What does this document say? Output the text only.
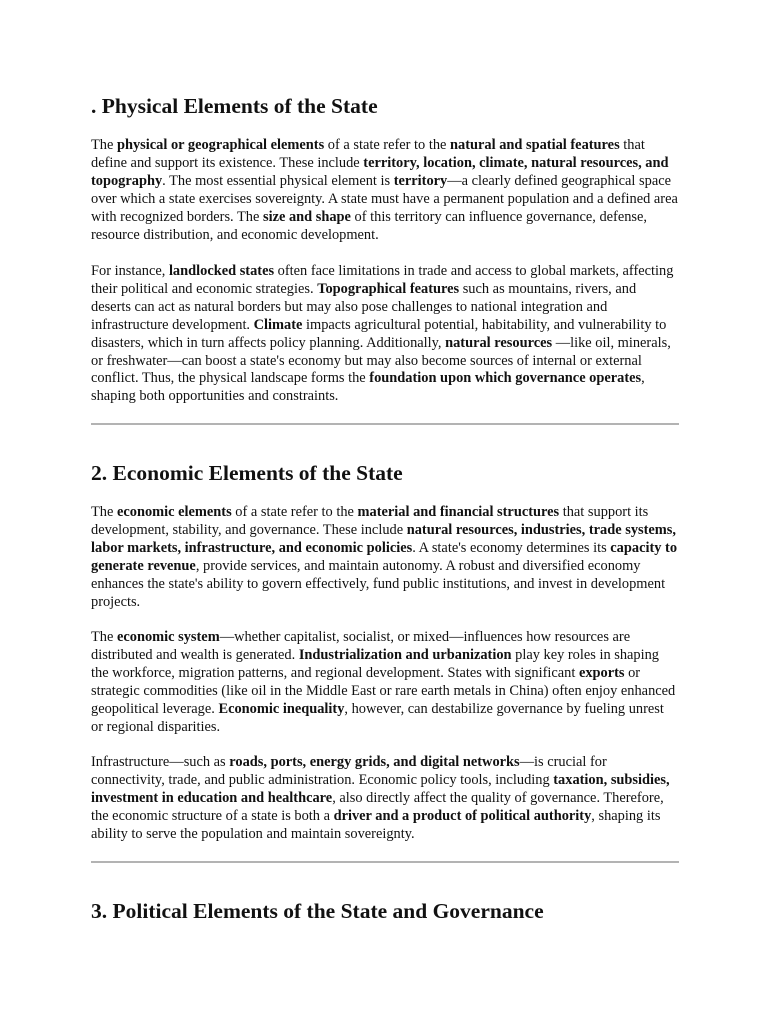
. Physical Elements of the State

The physical or geographical elements of a state refer to the natural and spatial features that define and support its existence. These include territory, location, climate, natural resources, and topography. The most essential physical element is territory—a clearly defined geographical space over which a state exercises sovereignty. A state must have a permanent population and a defined area with recognized borders. The size and shape of this territory can influence governance, defense, resource distribution, and economic development.

For instance, landlocked states often face limitations in trade and access to global markets, affecting their political and economic strategies. Topographical features such as mountains, rivers, and deserts can act as natural borders but may also pose challenges to national integration and infrastructure development. Climate impacts agricultural potential, habitability, and vulnerability to disasters, which in turn affects policy planning. Additionally, natural resources —like oil, minerals, or freshwater—can boost a state's economy but may also become sources of internal or external conflict. Thus, the physical landscape forms the foundation upon which governance operates, shaping both opportunities and constraints.

2. Economic Elements of the State

The economic elements of a state refer to the material and financial structures that support its development, stability, and governance. These include natural resources, industries, trade systems, labor markets, infrastructure, and economic policies. A state's economy determines its capacity to generate revenue, provide services, and maintain autonomy. A robust and diversified economy enhances the state's ability to govern effectively, fund public institutions, and invest in development projects.

The economic system—whether capitalist, socialist, or mixed—influences how resources are distributed and wealth is generated. Industrialization and urbanization play key roles in shaping the workforce, migration patterns, and regional development. States with significant exports or strategic commodities (like oil in the Middle East or rare earth metals in China) often enjoy enhanced geopolitical leverage. Economic inequality, however, can destabilize governance by fueling unrest or regional disparities.

Infrastructure—such as roads, ports, energy grids, and digital networks—is crucial for connectivity, trade, and public administration. Economic policy tools, including taxation, subsidies, investment in education and healthcare, also directly affect the quality of governance. Therefore, the economic structure of a state is both a driver and a product of political authority, shaping its ability to serve the population and maintain sovereignty.

3. Political Elements of the State and Governance
